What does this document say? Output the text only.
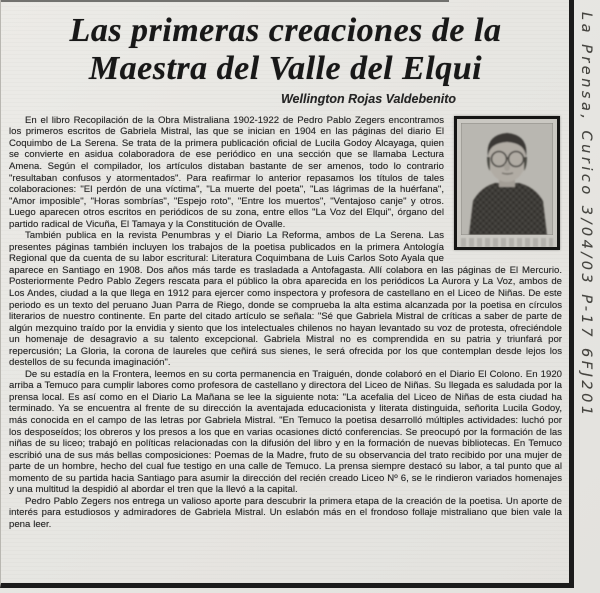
Las primeras creaciones de la Maestra del Valle del Elqui
Wellington Rojas Valdebenito

En el libro Recopilación de la Obra Mistraliana 1902-1922 de Pedro Pablo Zegers encontramos los primeros escritos de Gabriela Mistral, las que se inician en 1904 en las páginas del diario El Coquimbo de La Serena. Se trata de la primera publicación oficial de Lucila Godoy Alcayaga, quien se convierte en asidua colaboradora de ese periódico en una sección que se llamaba Lectura Amena. Según el compilador, los artículos distaban bastante de ser amenos, todo lo contrario "resultaban confusos y atormentados". Para reafirmar lo anterior repasamos los títulos de tales colaboraciones: "El perdón de una víctima", "La muerte del poeta", "Las lágrimas de la huérfana", "Amor imposible", "Horas sombrías", "Espejo roto", "Entre los muertos", "Ventajoso canje" y otros. Luego aparecen otros escritos en periódicos de su zona, entre ellos "La Voz del Elqui", órgano del partido radical de Vicuña, El Tamaya y la Constitución de Ovalle.

También publica en la revista Penumbras y el Diario La Reforma, ambos de La Serena. Las presentes páginas también incluyen los trabajos de la poetisa publicados en la primera Antología Regional que da cuenta de su labor escritural: Literatura Coquimbana de Luis Carlos Soto Ayala que aparece en Santiago en 1908. Dos años más tarde es trasladada a Antofagasta. Allí colabora en las páginas de El Mercurio. Posteriormente Pedro Pablo Zegers rescata para el público la obra aparecida en los periódicos La Aurora y La Voz, ambos de Los Andes, ciudad a la que llega en 1912 para ejercer como inspectora y profesora de castellano en el Liceo de Niñas. De este periodo es un texto del peruano Juan Parra de Riego, donde se comprueba la alta estima alcanzada por la poetisa en círculos literarios de nuestro continente. En parte del citado artículo se señala: "Sé que Gabriela Mistral de críticas a saber de parte de algún mezquino traído por la envidia y siento que los intelectuales chilenos no hayan levantado su voz de protesta, ofreciéndole un homenaje de desagravio a su talento excepcional. Gabriela Mistral no es comprendida en su patria y triunfará por repercusión; La Gloria, la corona de laureles que ceñirá sus sienes, le será ofrecida por los que contemplan desde lejos los destellos de su fecunda imaginación".

De su estadía en la Frontera, leemos en su corta permanencia en Traiguén, donde colaboró en el Diario El Colono. En 1920 arriba a Temuco para cumplir labores como profesora de castellano y directora del Liceo de Niñas. Su llegada es saludada por la prensa local. Es así como en el Diario La Mañana se lee la siguiente nota: "La acefalia del Liceo de Niñas de esta ciudad ha terminado. Ya se encuentra al frente de su dirección la aventajada educacionista y literata distinguida, señorita Lucila Godoy, más conocida en el campo de las letras por Gabriela Mistral. "En Temuco la poetisa desarrolló múltiples actividades: luchó por los desposeídos; los obreros y los presos a los que en varias ocasiones dictó conferencias. Se preocupó por la formación de las niñas de su liceo; trabajó en políticas relacionadas con la difusión del libro y en la formación de nuevas bibliotecas. En Temuco escribió una de sus más bellas composiciones: Poemas de la Madre, fruto de su observancia del trato recibido por una mujer de parte de un hombre, hecho del cual fue testigo en una calle de Temuco. La prensa siempre destacó su labor, a tal punto que al momento de su partida hacia Santiago para asumir la dirección del recién creado Liceo Nº 6, se le rindieron variados homenajes y una multitud la despidió al abordar el tren que la llevó a la capital.

Pedro Pablo Zegers nos entrega un valioso aporte para descubrir la primera etapa de la creación de la poetisa. Un aporte de interés para estudiosos y admiradores de Gabriela Mistral. Un eslabón más en el frondoso follaje mistraliano que bien vale la pena leer.

La Prensa, Curico 3/04/03 P-17 6FJ201
